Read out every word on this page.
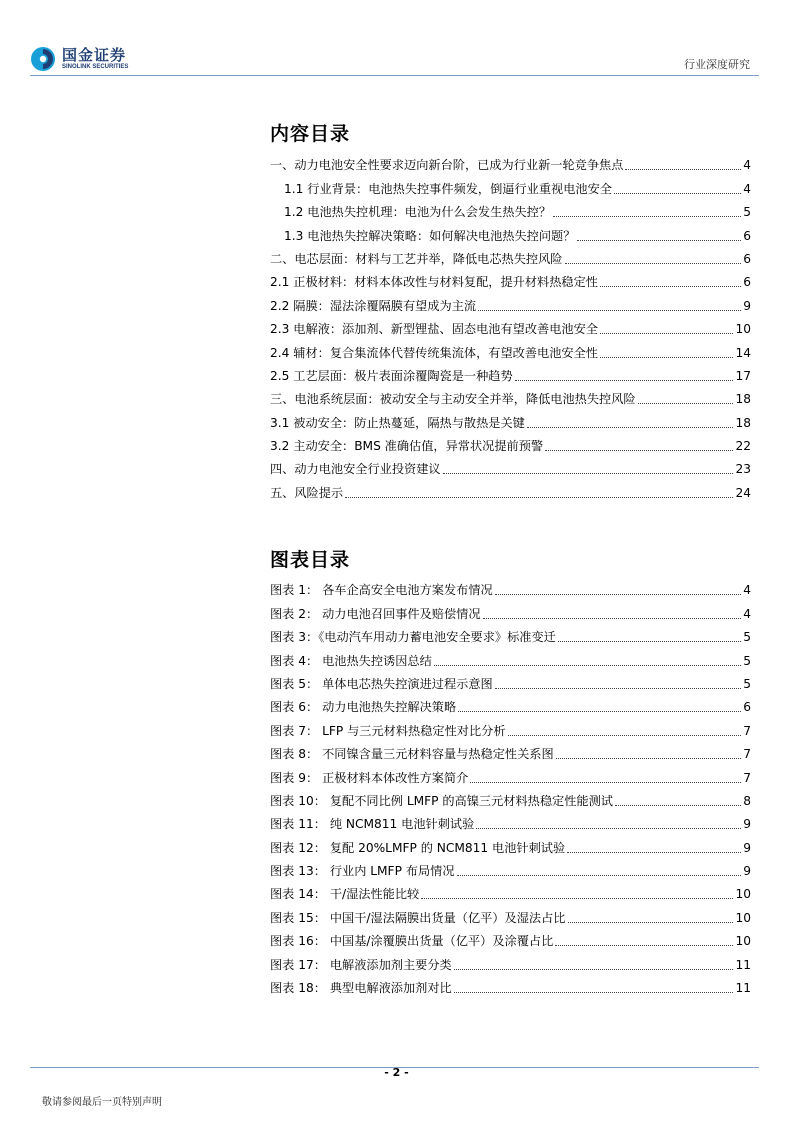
国金证券
SINOLINK SECURITIES	行业深度研究
内容目录
一、动力电池安全性要求迈向新台阶，已成为行业新一轮竞争焦点	4
1.1 行业背景：电池热失控事件频发，倒逼行业重视电池安全	4
1.2 电池热失控机理：电池为什么会发生热失控？	5
1.3 电池热失控解决策略：如何解决电池热失控问题？	6
二、电芯层面：材料与工艺并举，降低电芯热失控风险	6
2.1 正极材料：材料本体改性与材料复配，提升材料热稳定性	6
2.2 隔膜：湿法涂覆隔膜有望成为主流	9
2.3 电解液：添加剂、新型锂盐、固态电池有望改善电池安全	10
2.4 辅材：复合集流体代替传统集流体，有望改善电池安全性	14
2.5 工艺层面：极片表面涂覆陶瓷是一种趋势	17
三、电池系统层面：被动安全与主动安全并举，降低电池热失控风险	18
3.1 被动安全：防止热蔓延，隔热与散热是关键	18
3.2 主动安全：BMS 准确估值，异常状况提前预警	22
四、动力电池安全行业投资建议	23
五、风险提示	24
图表目录
图表 1： 各车企高安全电池方案发布情况	4
图表 2： 动力电池召回事件及赔偿情况	4
图表 3：《电动汽车用动力蓄电池安全要求》标准变迁	5
图表 4： 电池热失控诱因总结	5
图表 5： 单体电芯热失控演进过程示意图	5
图表 6： 动力电池热失控解决策略	6
图表 7： LFP 与三元材料热稳定性对比分析	7
图表 8： 不同镍含量三元材料容量与热稳定性关系图	7
图表 9： 正极材料本体改性方案简介	7
图表 10： 复配不同比例 LMFP 的高镍三元材料热稳定性能测试	8
图表 11： 纯 NCM811 电池针刺试验	9
图表 12： 复配 20%LMFP 的 NCM811 电池针刺试验	9
图表 13： 行业内 LMFP 布局情况	9
图表 14： 干/湿法性能比较	10
图表 15： 中国干/湿法隔膜出货量（亿平）及湿法占比	10
图表 16： 中国基/涂覆膜出货量（亿平）及涂覆占比	10
图表 17： 电解液添加剂主要分类	11
图表 18： 典型电解液添加剂对比	11
- 2 -
敬请参阅最后一页特别声明
